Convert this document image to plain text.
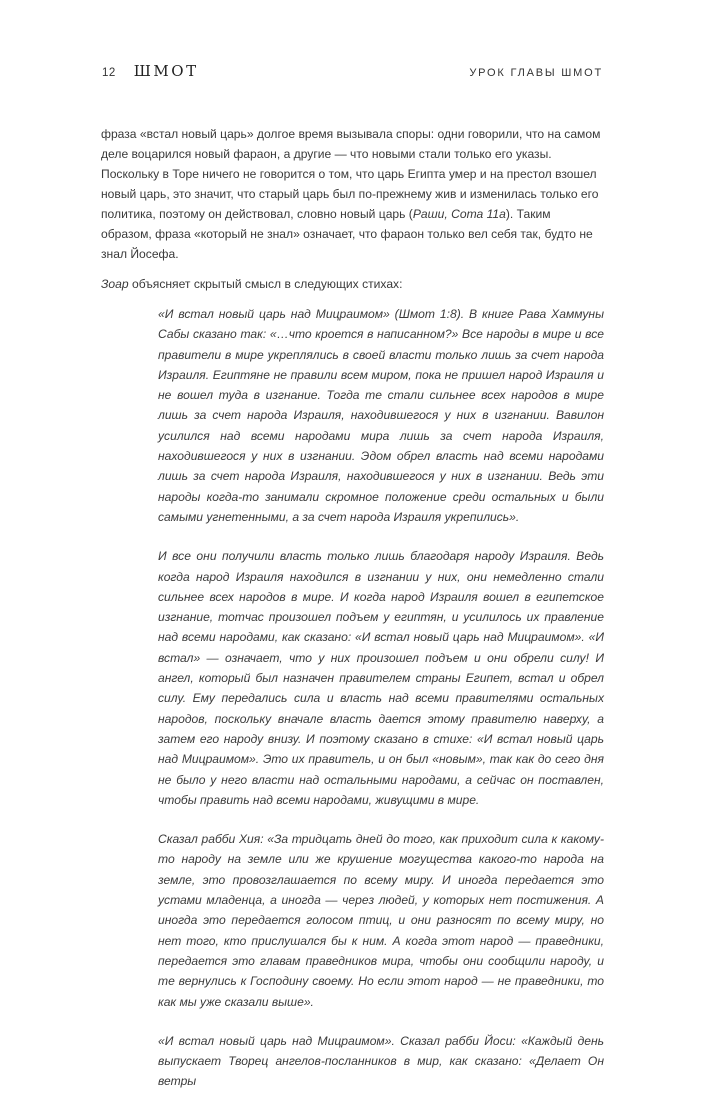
12 ШМОТ	УРОК ГЛАВЫ ШМОТ

фраза «встал новый царь» долгое время вызывала споры: одни говорили, что на самом деле воцарился новый фараон, а другие — что новыми стали только его указы. Поскольку в Торе ничего не говорится о том, что царь Египта умер и на престол взошел новый царь, это значит, что старый царь был по-прежнему жив и изменилась только его политика, поэтому он действовал, словно новый царь (Раши, Сота 11а). Таким образом, фраза «который не знал» означает, что фараон только вел себя так, будто не знал Йосефа.

Зоар объясняет скрытый смысл в следующих стихах:

«И встал новый царь над Мицраимом» (Шмот 1:8). В книге Рава Хаммуны Сабы сказано так: «…что кроется в написанном?» Все народы в мире и все правители в мире укреплялись в своей власти только лишь за счет народа Израиля. Египтяне не правили всем миром, пока не пришел народ Израиля и не вошел туда в изгнание. Тогда те стали сильнее всех народов в мире лишь за счет народа Израиля, находившегося у них в изгнании. Вавилон усилился над всеми народами мира лишь за счет народа Израиля, находившегося у них в изгнании. Эдом обрел власть над всеми народами лишь за счет народа Израиля, находившегося у них в изгнании. Ведь эти народы когда-то занимали скромное положение среди остальных и были самыми угнетенными, а за счет народа Израиля укрепились».

И все они получили власть только лишь благодаря народу Израиля. Ведь когда народ Израиля находился в изгнании у них, они немедленно стали сильнее всех народов в мире. И когда народ Израиля вошел в египетское изгнание, тотчас произошел подъем у египтян, и усилилось их правление над всеми народами, как сказано: «И встал новый царь над Мицраимом». «И встал» — означает, что у них произошел подъем и они обрели силу! И ангел, который был назначен правителем страны Египет, встал и обрел силу. Ему передались сила и власть над всеми правителями остальных народов, поскольку вначале власть дается этому правителю наверху, а затем его народу внизу. И поэтому сказано в стихе: «И встал новый царь над Мицраимом». Это их правитель, и он был «новым», так как до сего дня не было у него власти над остальными народами, а сейчас он поставлен, чтобы править над всеми народами, живущими в мире.

Сказал рабби Хия: «За тридцать дней до того, как приходит сила к какому-то народу на земле или же крушение могущества какого-то народа на земле, это провозглашается по всему миру. И иногда передается это устами младенца, а иногда — через людей, у которых нет постижения. А иногда это передается голосом птиц, и они разносят по всему миру, но нет того, кто прислушался бы к ним. А когда этот народ — праведники, передается это главам праведников мира, чтобы они сообщили народу, и те вернулись к Господину своему. Но если этот народ — не праведники, то как мы уже сказали выше».

«И встал новый царь над Мицраимом». Сказал рабби Йоси: «Каждый день выпускает Творец ангелов-посланников в мир, как сказано: «Делает Он ветры
